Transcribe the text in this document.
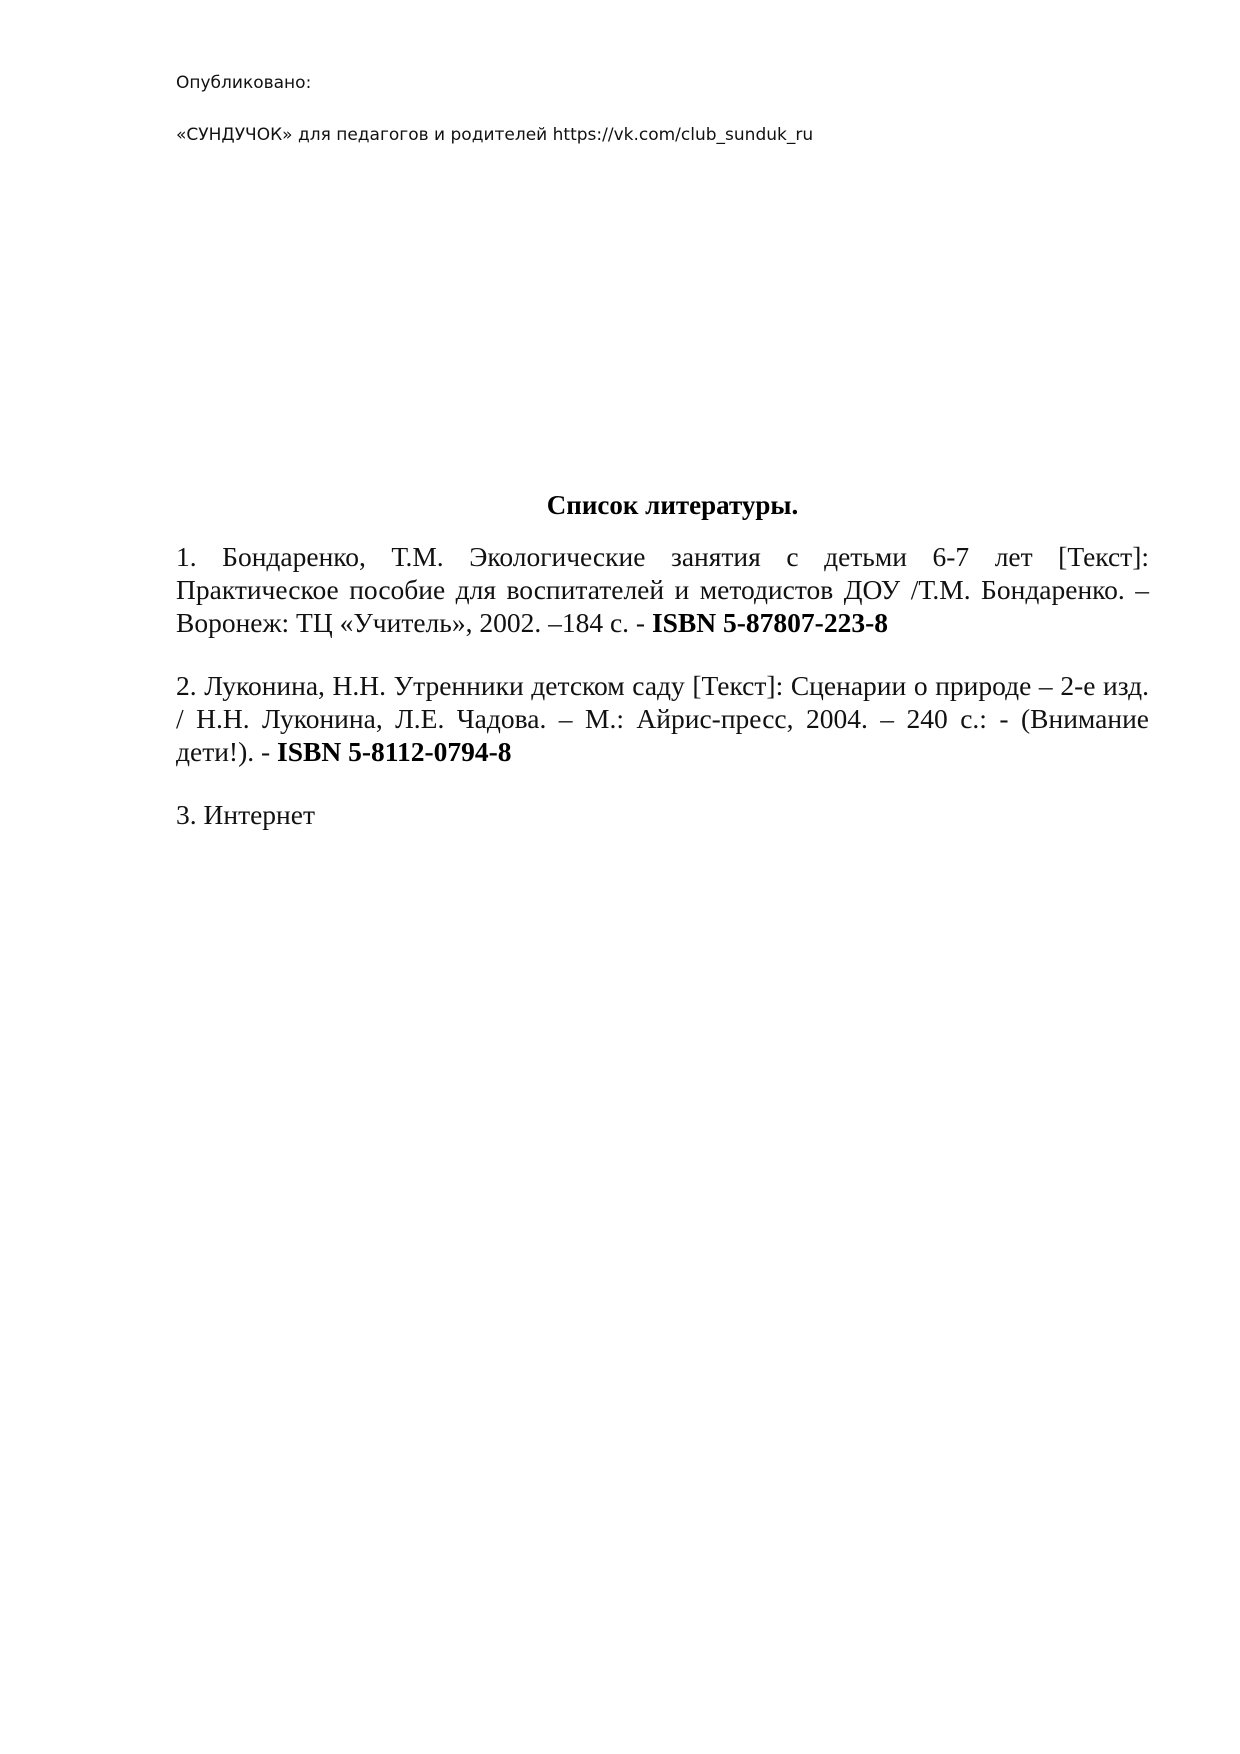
Опубликовано:
«СУНДУЧОК» для педагогов и родителей https://vk.com/club_sunduk_ru
Список литературы.

1. Бондаренко, Т.М. Экологические занятия с детьми 6-7 лет [Текст]: Практическое пособие для воспитателей и методистов ДОУ /Т.М. Бондаренко. – Воронеж: ТЦ «Учитель», 2002. –184 с. - ISBN 5-87807-223-8

2. Луконина, Н.Н. Утренники детском саду [Текст]: Сценарии о природе – 2-е изд. / Н.Н. Луконина, Л.Е. Чадова. – М.: Айрис-пресс, 2004. – 240 с.: - (Внимание дети!). - ISBN 5-8112-0794-8

3. Интернет
